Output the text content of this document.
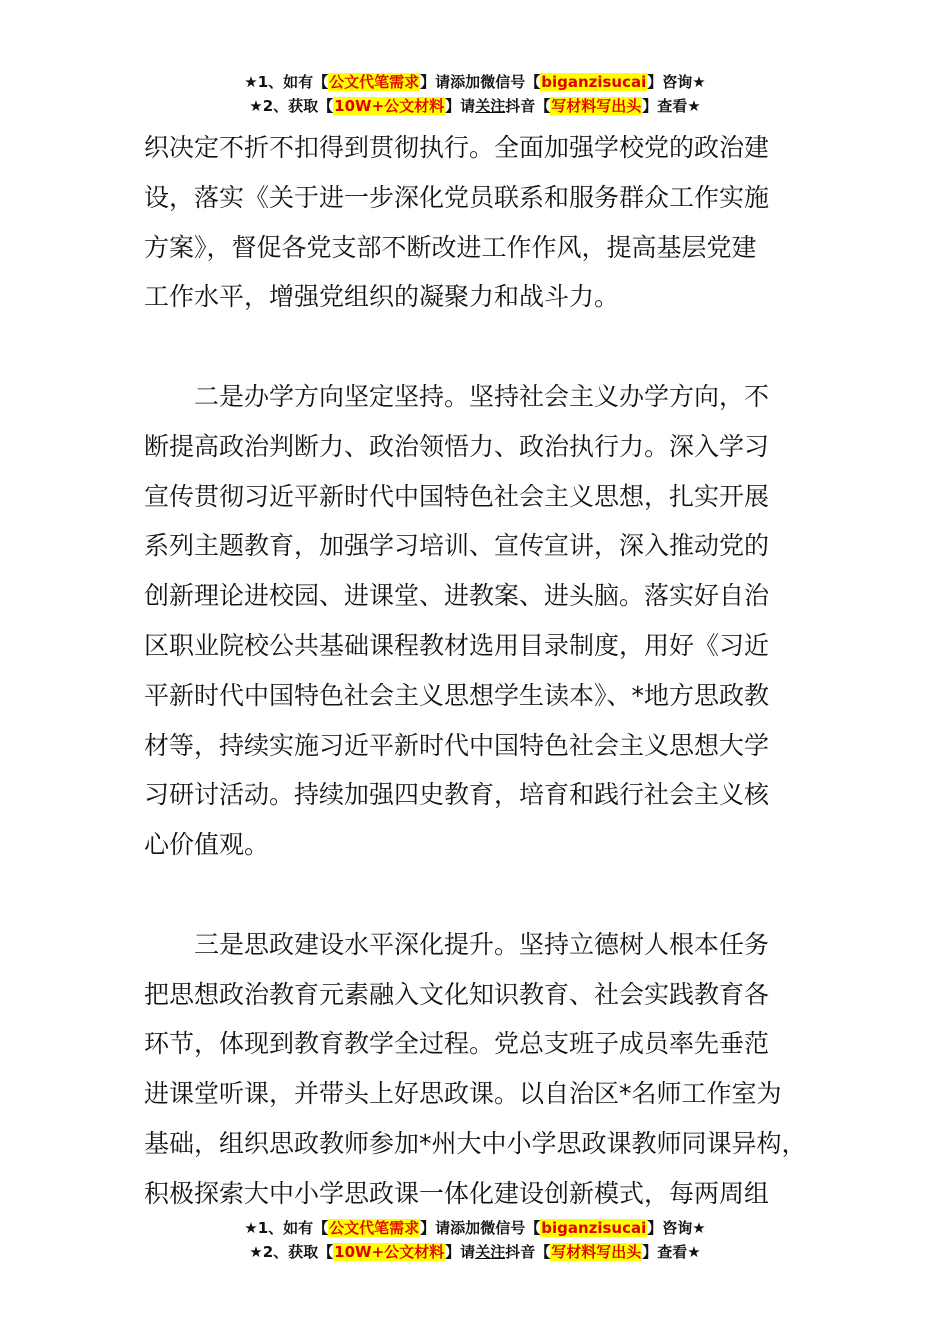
★1、如有【公文代笔需求】请添加微信号【biganzisucai】咨询★
★2、获取【10W+公文材料】请关注抖音【写材料写出头】查看★

织决定不折不扣得到贯彻执行。全面加强学校党的政治建

设，落实《关于进一步深化党员联系和服务群众工作实施

方案》，督促各党支部不断改进工作作风，提高基层党建

工作水平，增强党组织的凝聚力和战斗力。

　　二是办学方向坚定坚持。坚持社会主义办学方向，不

断提高政治判断力、政治领悟力、政治执行力。深入学习

宣传贯彻习近平新时代中国特色社会主义思想，扎实开展

系列主题教育，加强学习培训、宣传宣讲，深入推动党的

创新理论进校园、进课堂、进教案、进头脑。落实好自治

区职业院校公共基础课程教材选用目录制度，用好《习近

平新时代中国特色社会主义思想学生读本》、*地方思政教

材等，持续实施习近平新时代中国特色社会主义思想大学

习研讨活动。持续加强四史教育，培育和践行社会主义核

心价值观。

　　三是思政建设水平深化提升。坚持立德树人根本任务

把思想政治教育元素融入文化知识教育、社会实践教育各

环节，体现到教育教学全过程。党总支班子成员率先垂范

进课堂听课，并带头上好思政课。以自治区*名师工作室为

基础，组织思政教师参加*州大中小学思政课教师同课异构，

积极探索大中小学思政课一体化建设创新模式，每两周组

★1、如有【公文代笔需求】请添加微信号【biganzisucai】咨询★
★2、获取【10W+公文材料】请关注抖音【写材料写出头】查看★
